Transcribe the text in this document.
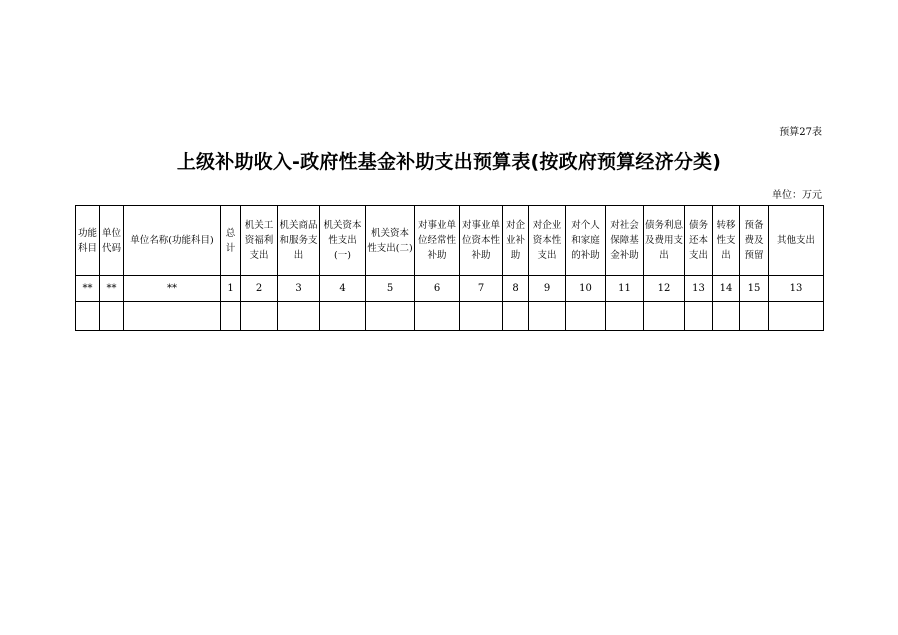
预算27表
上级补助收入-政府性基金补助支出预算表(按政府预算经济分类)
单位：万元
功能科目	单位代码	单位名称(功能科目)	总计	机关工资福利支出	机关商品和服务支出	机关资本性支出(一)	机关资本性支出(二)	对事业单位经常性补助	对事业单位资本性补助	对企业补助	对企业资本性支出	对个人和家庭的补助	对社会保障基金补助	债务利息及费用支出	债务还本支出	转移性支出	预备费及预留	其他支出
**	**	**	1	2	3	4	5	6	7	8	9	10	11	12	13	14	15	13
